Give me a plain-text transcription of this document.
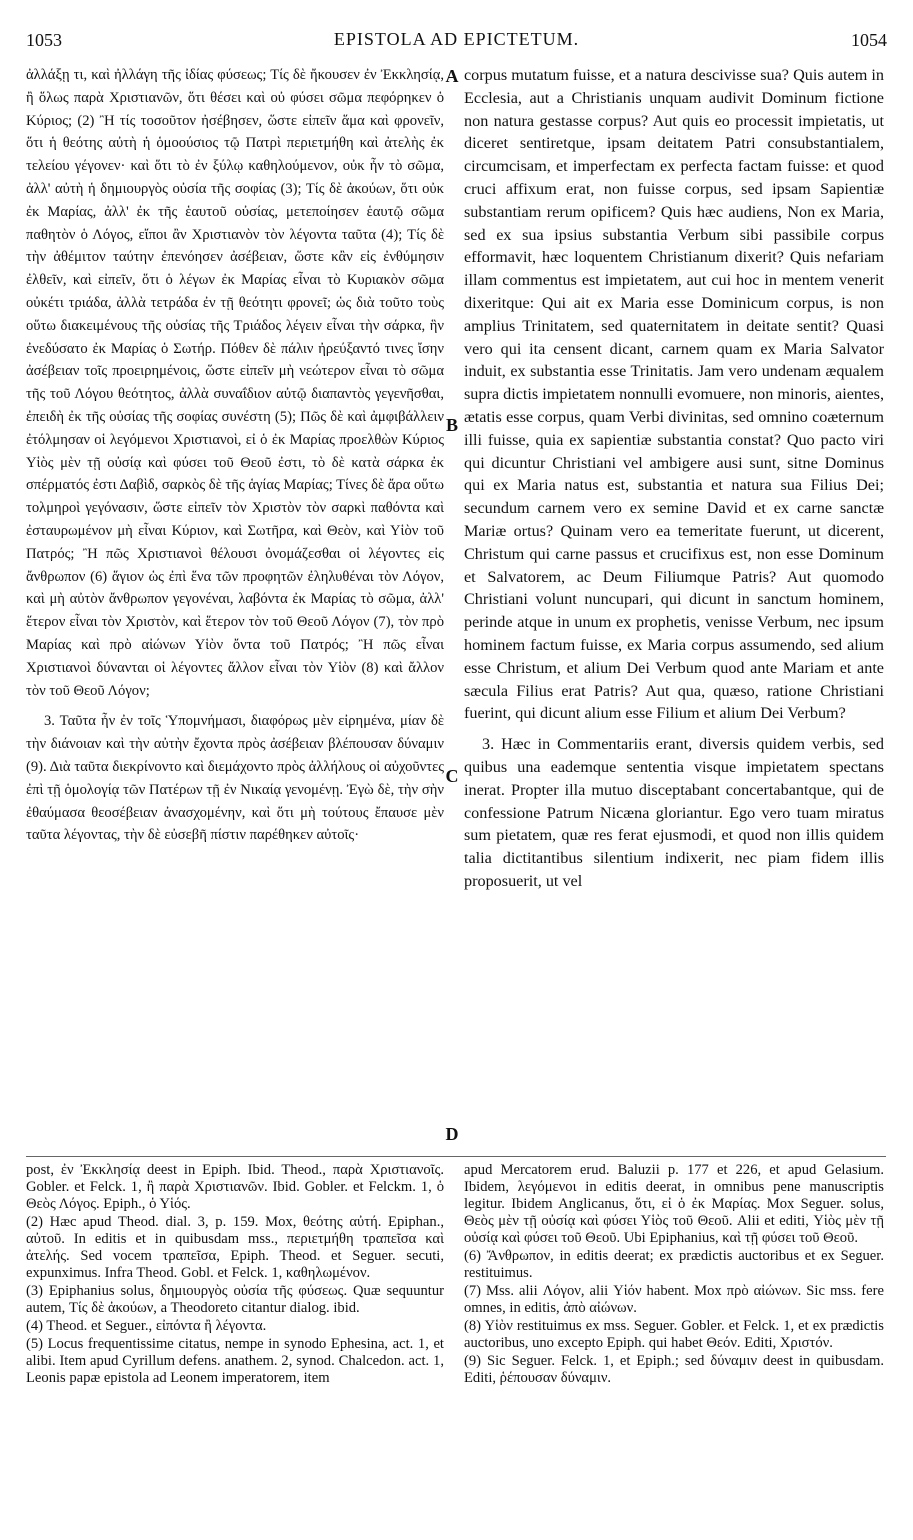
1053	EPISTOLA AD EPICTETUM.	1054

ἀλλάξῃ τι, καὶ ἠλλάγη τῆς ἰδίας φύσεως; Τίς δὲ ἤκουσεν ἐν Ἐκκλησίᾳ, ἢ ὅλως παρὰ Χριστιανῶν, ὅτι θέσει καὶ οὐ φύσει σῶμα πεφόρηκεν ὁ Κύριος; (2) Ἢ τίς τοσοῦτον ἠσέβησεν, ὥστε εἰπεῖν ἅμα καὶ φρονεῖν, ὅτι ἡ θεότης αὐτὴ ἡ ὁμοούσιος τῷ Πατρὶ περιετμήθη καὶ ἀτελὴς ἐκ τελείου γέγονεν· καὶ ὅτι τὸ ἐν ξύλῳ καθηλούμενον, οὐκ ἦν τὸ σῶμα, ἀλλ' αὐτὴ ἡ δημιουργὸς οὐσία τῆς σοφίας (3); Τίς δὲ ἀκούων, ὅτι οὐκ ἐκ Μαρίας, ἀλλ' ἐκ τῆς ἑαυτοῦ οὐσίας, μετεποίησεν ἑαυτῷ σῶμα παθητὸν ὁ Λόγος, εἴποι ἂν Χριστιανὸν τὸν λέγοντα ταῦτα (4); Τίς δὲ τὴν ἀθέμιτον ταύτην ἐπενόησεν ἀσέβειαν, ὥστε κἂν εἰς ἐνθύμησιν ἐλθεῖν, καὶ εἰπεῖν, ὅτι ὁ λέγων ἐκ Μαρίας εἶναι τὸ Κυριακὸν σῶμα οὐκέτι τριάδα, ἀλλὰ τετράδα ἐν τῇ θεότητι φρονεῖ; ὡς διὰ τοῦτο τοὺς οὕτω διακειμένους τῆς οὐσίας τῆς Τριάδος λέγειν εἶναι τὴν σάρκα, ἣν ἐνεδύσατο ἐκ Μαρίας ὁ Σωτήρ. Πόθεν δὲ πάλιν ἠρεύξαντό τινες ἴσην ἀσέβειαν τοῖς προειρημένοις, ὥστε εἰπεῖν μὴ νεώτερον εἶναι τὸ σῶμα τῆς τοῦ Λόγου θεότητος, ἀλλὰ συναΐδιον αὐτῷ διαπαντὸς γεγενῆσθαι, ἐπειδὴ ἐκ τῆς οὐσίας τῆς σοφίας συνέστη (5); Πῶς δὲ καὶ ἀμφιβάλλειν ἐτόλμησαν οἱ λεγόμενοι Χριστιανοὶ, εἰ ὁ ἐκ Μαρίας προελθὼν Κύριος Υἱὸς μὲν τῇ οὐσίᾳ καὶ φύσει τοῦ Θεοῦ ἐστι, τὸ δὲ κατὰ σάρκα ἐκ σπέρματός ἐστι Δαβὶδ, σαρκὸς δὲ τῆς ἁγίας Μαρίας; Τίνες δὲ ἄρα οὕτω τολμηροὶ γεγόνασιν, ὥστε εἰπεῖν τὸν Χριστὸν τὸν σαρκὶ παθόντα καὶ ἐσταυρωμένον μὴ εἶναι Κύριον, καὶ Σωτῆρα, καὶ Θεὸν, καὶ Υἱὸν τοῦ Πατρός; Ἢ πῶς Χριστιανοὶ θέλουσι ὀνομάζεσθαι οἱ λέγοντες εἰς ἄνθρωπον (6) ἅγιον ὡς ἐπὶ ἕνα τῶν προφητῶν ἐληλυθέναι τὸν Λόγον, καὶ μὴ αὐτὸν ἄνθρωπον γεγονέναι, λαβόντα ἐκ Μαρίας τὸ σῶμα, ἀλλ' ἕτερον εἶναι τὸν Χριστὸν, καὶ ἕτερον τὸν τοῦ Θεοῦ Λόγον (7), τὸν πρὸ Μαρίας καὶ πρὸ αἰώνων Υἱὸν ὄντα τοῦ Πατρός; Ἢ πῶς εἶναι Χριστιανοὶ δύνανται οἱ λέγοντες ἄλλον εἶναι τὸν Υἱὸν (8) καὶ ἄλλον τὸν τοῦ Θεοῦ Λόγον;

3. Ταῦτα ἦν ἐν τοῖς Ὑπομνήμασι, διαφόρως μὲν εἰρημένα, μίαν δὲ τὴν διάνοιαν καὶ τὴν αὐτὴν ἔχοντα πρὸς ἀσέβειαν βλέπουσαν δύναμιν (9). Διὰ ταῦτα διεκρίνοντο καὶ διεμάχοντο πρὸς ἀλλήλους οἱ αὐχοῦντες ἐπὶ τῇ ὁμολογίᾳ τῶν Πατέρων τῇ ἐν Νικαίᾳ γενομένῃ. Ἐγὼ δὲ, τὴν σὴν ἐθαύμασα θεοσέβειαν ἀνασχομένην, καὶ ὅτι μὴ τούτους ἔπαυσε μὲν ταῦτα λέγοντας, τὴν δὲ εὐσεβῆ πίστιν παρέθηκεν αὐτοῖς·

A
B
C
D

corpus mutatum fuisse, et a natura descivisse sua? Quis autem in Ecclesia, aut a Christianis unquam audivit Dominum fictione non natura gestasse corpus? Aut quis eo processit impietatis, ut diceret sentiretque, ipsam deitatem Patri consubstantialem, circumcisam, et imperfectam ex perfecta factam fuisse: et quod cruci affixum erat, non fuisse corpus, sed ipsam Sapientiæ substantiam rerum opificem? Quis hæc audiens, Non ex Maria, sed ex sua ipsius substantia Verbum sibi passibile corpus efformavit, hæc loquentem Christianum dixerit? Quis nefariam illam commentus est impietatem, aut cui hoc in mentem venerit dixeritque: Qui ait ex Maria esse Dominicum corpus, is non amplius Trinitatem, sed quaternitatem in deitate sentit? Quasi vero qui ita censent dicant, carnem quam ex Maria Salvator induit, ex substantia esse Trinitatis. Jam vero undenam æqualem supra dictis impietatem nonnulli evomuere, non minoris, aientes, ætatis esse corpus, quam Verbi divinitas, sed omnino coæternum illi fuisse, quia ex sapientiæ substantia constat? Quo pacto viri qui dicuntur Christiani vel ambigere ausi sunt, sitne Dominus qui ex Maria natus est, substantia et natura sua Filius Dei; secundum carnem vero ex semine David et ex carne sanctæ Mariæ ortus? Quinam vero ea temeritate fuerunt, ut dicerent, Christum qui carne passus et crucifixus est, non esse Dominum et Salvatorem, ac Deum Filiumque Patris? Aut quomodo Christiani volunt nuncupari, qui dicunt in sanctum hominem, perinde atque in unum ex prophetis, venisse Verbum, nec ipsum hominem factum fuisse, ex Maria corpus assumendo, sed alium esse Christum, et alium Dei Verbum quod ante Mariam et ante sæcula Filius erat Patris? Aut qua, quæso, ratione Christiani fuerint, qui dicunt alium esse Filium et alium Dei Verbum?

3. Hæc in Commentariis erant, diversis quidem verbis, sed quibus una eademque sententia visque impietatem spectans inerat. Propter illa mutuo disceptabant concertabantque, qui de confessione Patrum Nicæna gloriantur. Ego vero tuam miratus sum pietatem, quæ res ferat ejusmodi, et quod non illis quidem talia dictitantibus silentium indixerit, nec piam fidem illis proposuerit, ut vel

post, ἐν Ἐκκλησίᾳ deest in Epiph. Ibid. Theod., παρὰ Χριστιανοῖς. Gobler. et Felck. 1, ἢ παρὰ Χριστιανῶν. Ibid. Gobler. et Felckm. 1, ὁ Θεὸς Λόγος. Epiph., ὁ Υἱός.

(2) Hæc apud Theod. dial. 3, p. 159. Mox, θεότης αὐτή. Epiphan., αὐτοῦ. In editis et in quibusdam mss., περιετμήθη τραπεῖσα καὶ ἀτελής. Sed vocem τραπεῖσα, Epiph. Theod. et Seguer. secuti, expunximus. Infra Theod. Gobl. et Felck. 1, καθηλωμένον.

(3) Epiphanius solus, δημιουργὸς οὐσία τῆς φύσεως. Quæ sequuntur autem, Τίς δὲ ἀκούων, a Theodoreto citantur dialog. ibid.

(4) Theod. et Seguer., εἰπόντα ἢ λέγοντα.

(5) Locus frequentissime citatus, nempe in synodo Ephesina, act. 1, et alibi. Item apud Cyrillum defens. anathem. 2, synod. Chalcedon. act. 1, Leonis papæ epistola ad Leonem imperatorem, item

apud Mercatorem erud. Baluzii p. 177 et 226, et apud Gelasium. Ibidem, λεγόμενοι in editis deerat, in omnibus pene manuscriptis legitur. Ibidem Anglicanus, ὅτι, εἰ ὁ ἐκ Μαρίας. Mox Seguer. solus, Θεὸς μὲν τῇ οὐσίᾳ καὶ φύσει Υἱὸς τοῦ Θεοῦ. Alii et editi, Υἱὸς μὲν τῇ οὐσίᾳ καὶ φύσει τοῦ Θεοῦ. Ubi Epiphanius, καὶ τῇ φύσει τοῦ Θεοῦ.

(6) Ἄνθρωπον, in editis deerat; ex prædictis auctoribus et ex Seguer. restituimus.

(7) Mss. alii Λόγον, alii Υἱόν habent. Mox πρὸ αἰώνων. Sic mss. fere omnes, in editis, ἀπὸ αἰώνων.

(8) Υἱὸν restituimus ex mss. Seguer. Gobler. et Felck. 1, et ex prædictis auctoribus, uno excepto Epiph. qui habet Θεόν. Editi, Χριστόν.

(9) Sic Seguer. Felck. 1, et Epiph.; sed δύναμιν deest in quibusdam. Editi, ῥέπουσαν δύναμιν.
